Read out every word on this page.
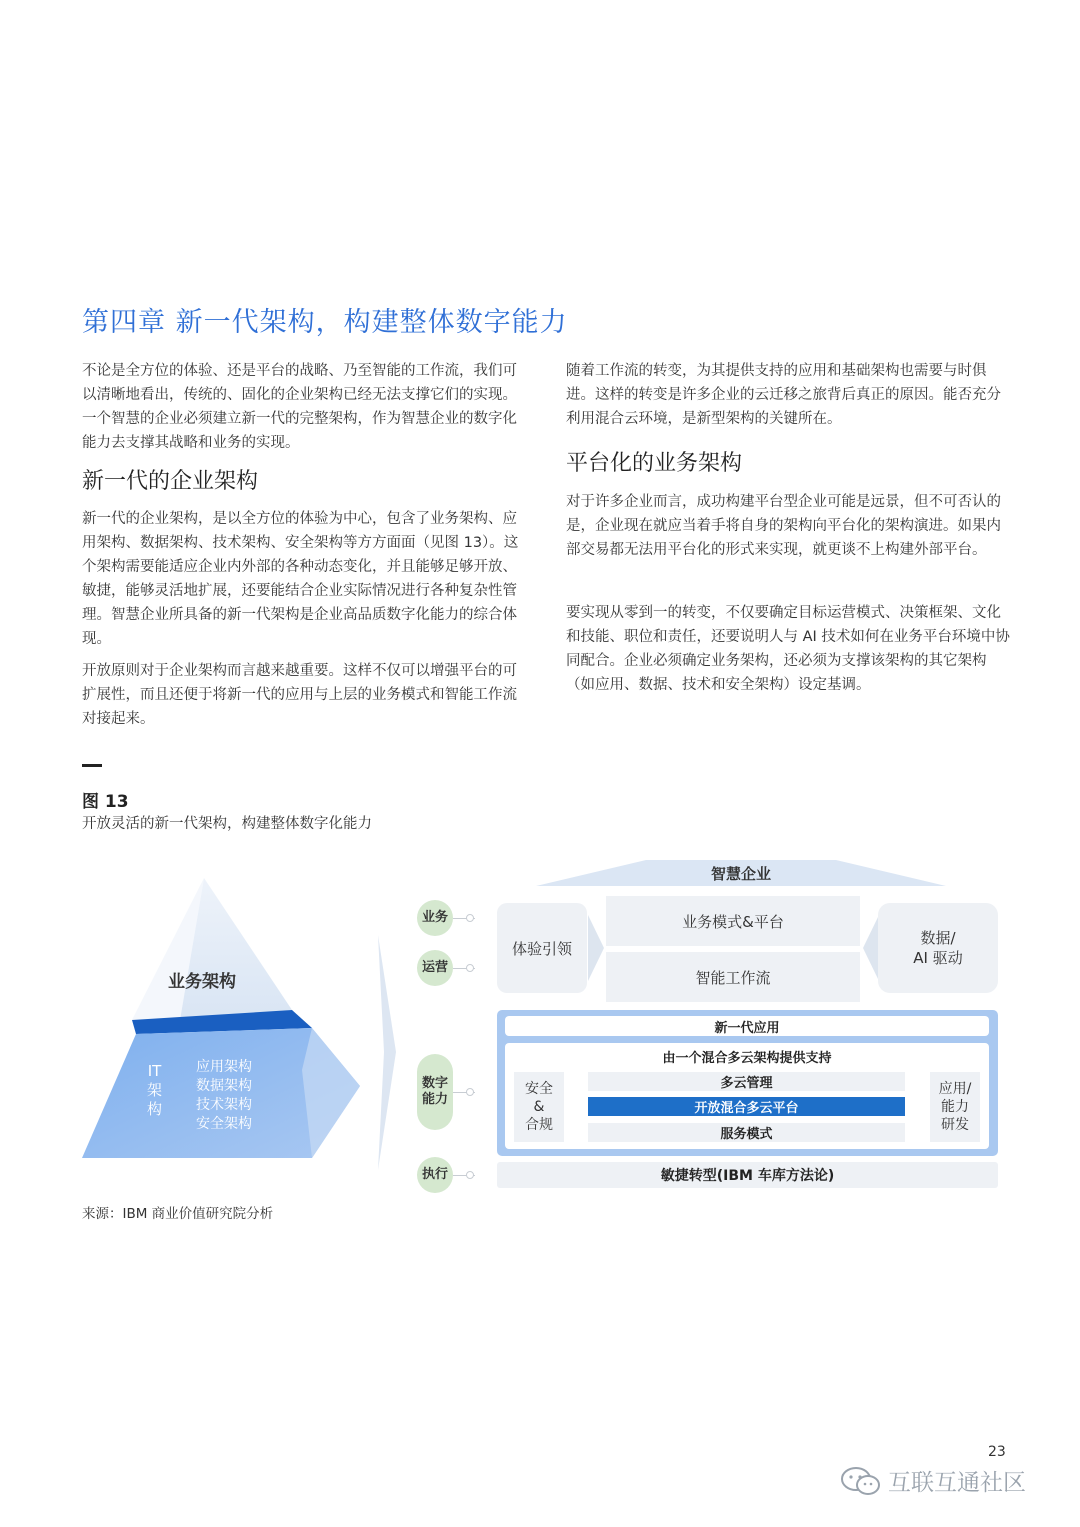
第四章 新一代架构，构建整体数字能力

不论是全方位的体验、还是平台的战略、乃至智能的工作流，我们可以清晰地看出，传统的、固化的企业架构已经无法支撑它们的实现。一个智慧的企业必须建立新一代的完整架构，作为智慧企业的数字化能力去支撑其战略和业务的实现。

新一代的企业架构

新一代的企业架构，是以全方位的体验为中心，包含了业务架构、应用架构、数据架构、技术架构、安全架构等方方面面（见图 13）。这个架构需要能适应企业内外部的各种动态变化，并且能够足够开放、敏捷，能够灵活地扩展，还要能结合企业实际情况进行各种复杂性管理。智慧企业所具备的新一代架构是企业高品质数字化能力的综合体现。

开放原则对于企业架构而言越来越重要。这样不仅可以增强平台的可扩展性，而且还便于将新一代的应用与上层的业务模式和智能工作流对接起来。

随着工作流的转变，为其提供支持的应用和基础架构也需要与时俱进。这样的转变是许多企业的云迁移之旅背后真正的原因。能否充分利用混合云环境，是新型架构的关键所在。

平台化的业务架构

对于许多企业而言，成功构建平台型企业可能是远景，但不可否认的是，企业现在就应当着手将自身的架构向平台化的架构演进。如果内部交易都无法用平台化的形式来实现，就更谈不上构建外部平台。

要实现从零到一的转变，不仅要确定目标运营模式、决策框架、文化和技能、职位和责任，还要说明人与 AI 技术如何在业务平台环境中协同配合。企业必须确定业务架构，还必须为支撑该架构的其它架构（如应用、数据、技术和安全架构）设定基调。

图 13
开放灵活的新一代架构，构建整体数字化能力
业务架构
IT
架
构
应用架构
数据架构
技术架构
安全架构
业务
运营
数字
能力
执行
智慧企业
体验引领
业务模式&平台
智能工作流
数据/
AI 驱动
新一代应用
由一个混合多云架构提供支持
安全
&
合规
多云管理
开放混合多云平台
服务模式
应用/
能力
研发
敏捷转型(IBM 车库方法论)
来源：IBM 商业价值研究院分析
23
互联互通社区
